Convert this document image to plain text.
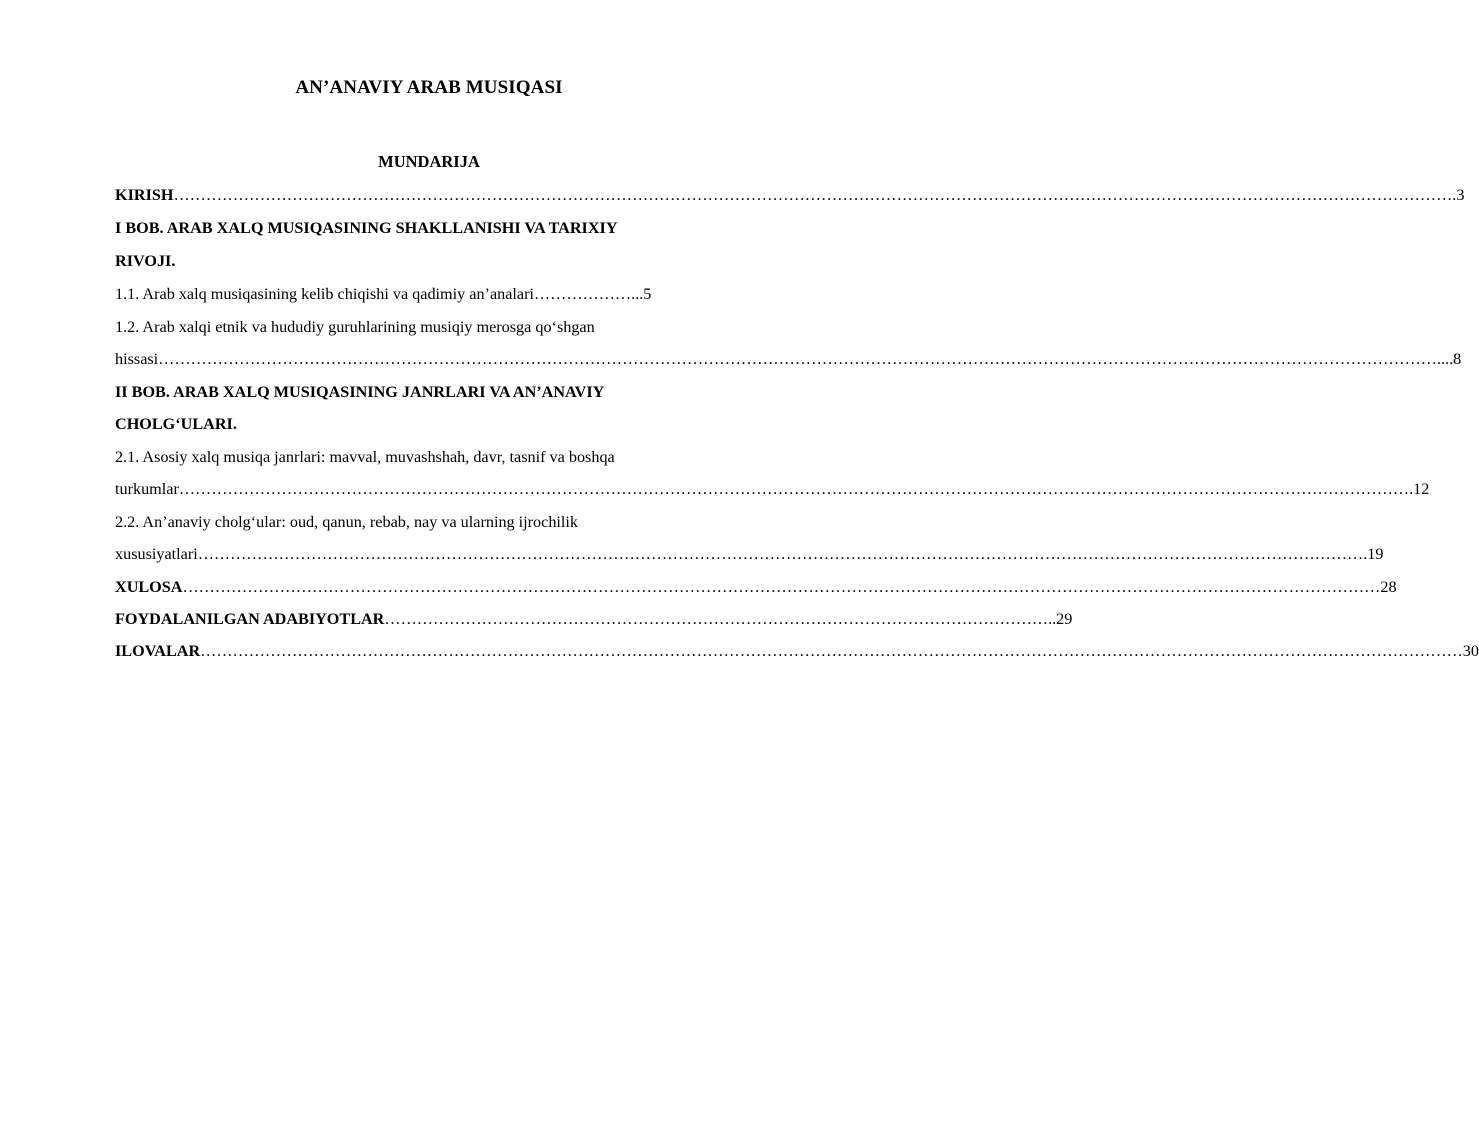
AN’ANAVIY ARAB MUSIQASI
MUNDARIJA
KIRISH………………………………………………………………………………………………………………………………………………………………………………………………………………….3
I BOB. ARAB XALQ MUSIQASINING SHAKLLANISHI VA TARIXIY
RIVOJI.
1.1. Arab xalq musiqasining kelib chiqishi va qadimiy an’analari………………...5
1.2. Arab xalqi etnik va hududiy guruhlarining musiqiy merosga qo‘shgan
hissasi…………………………………………………………………………………………………………………………………………………………………………………………………………………....8
II BOB. ARAB XALQ MUSIQASINING JANRLARI VA AN’ANAVIY
CHOLG‘ULARI.
2.1. Asosiy xalq musiqa janrlari: mavval, muvashshah, davr, tasnif va boshqa
turkumlar………………………………………………………………………………………………………………………………………………………………………………………………………….12
2.2. An’anaviy cholg‘ular: oud, qanun, rebab, nay va ularning ijrochilik
xususiyatlari……………………………………………………………………………………………………………………………………………………………………………………………….19
XULOSA……………………………………………………………………………………………………………………………………………………………………………………………………28
FOYDALANILGAN ADABIYOTLAR……………………………………………………………………………………………………………..29
ILOVALAR………………………………………………………………………………………………………………………………………………………………………………………………………………30
